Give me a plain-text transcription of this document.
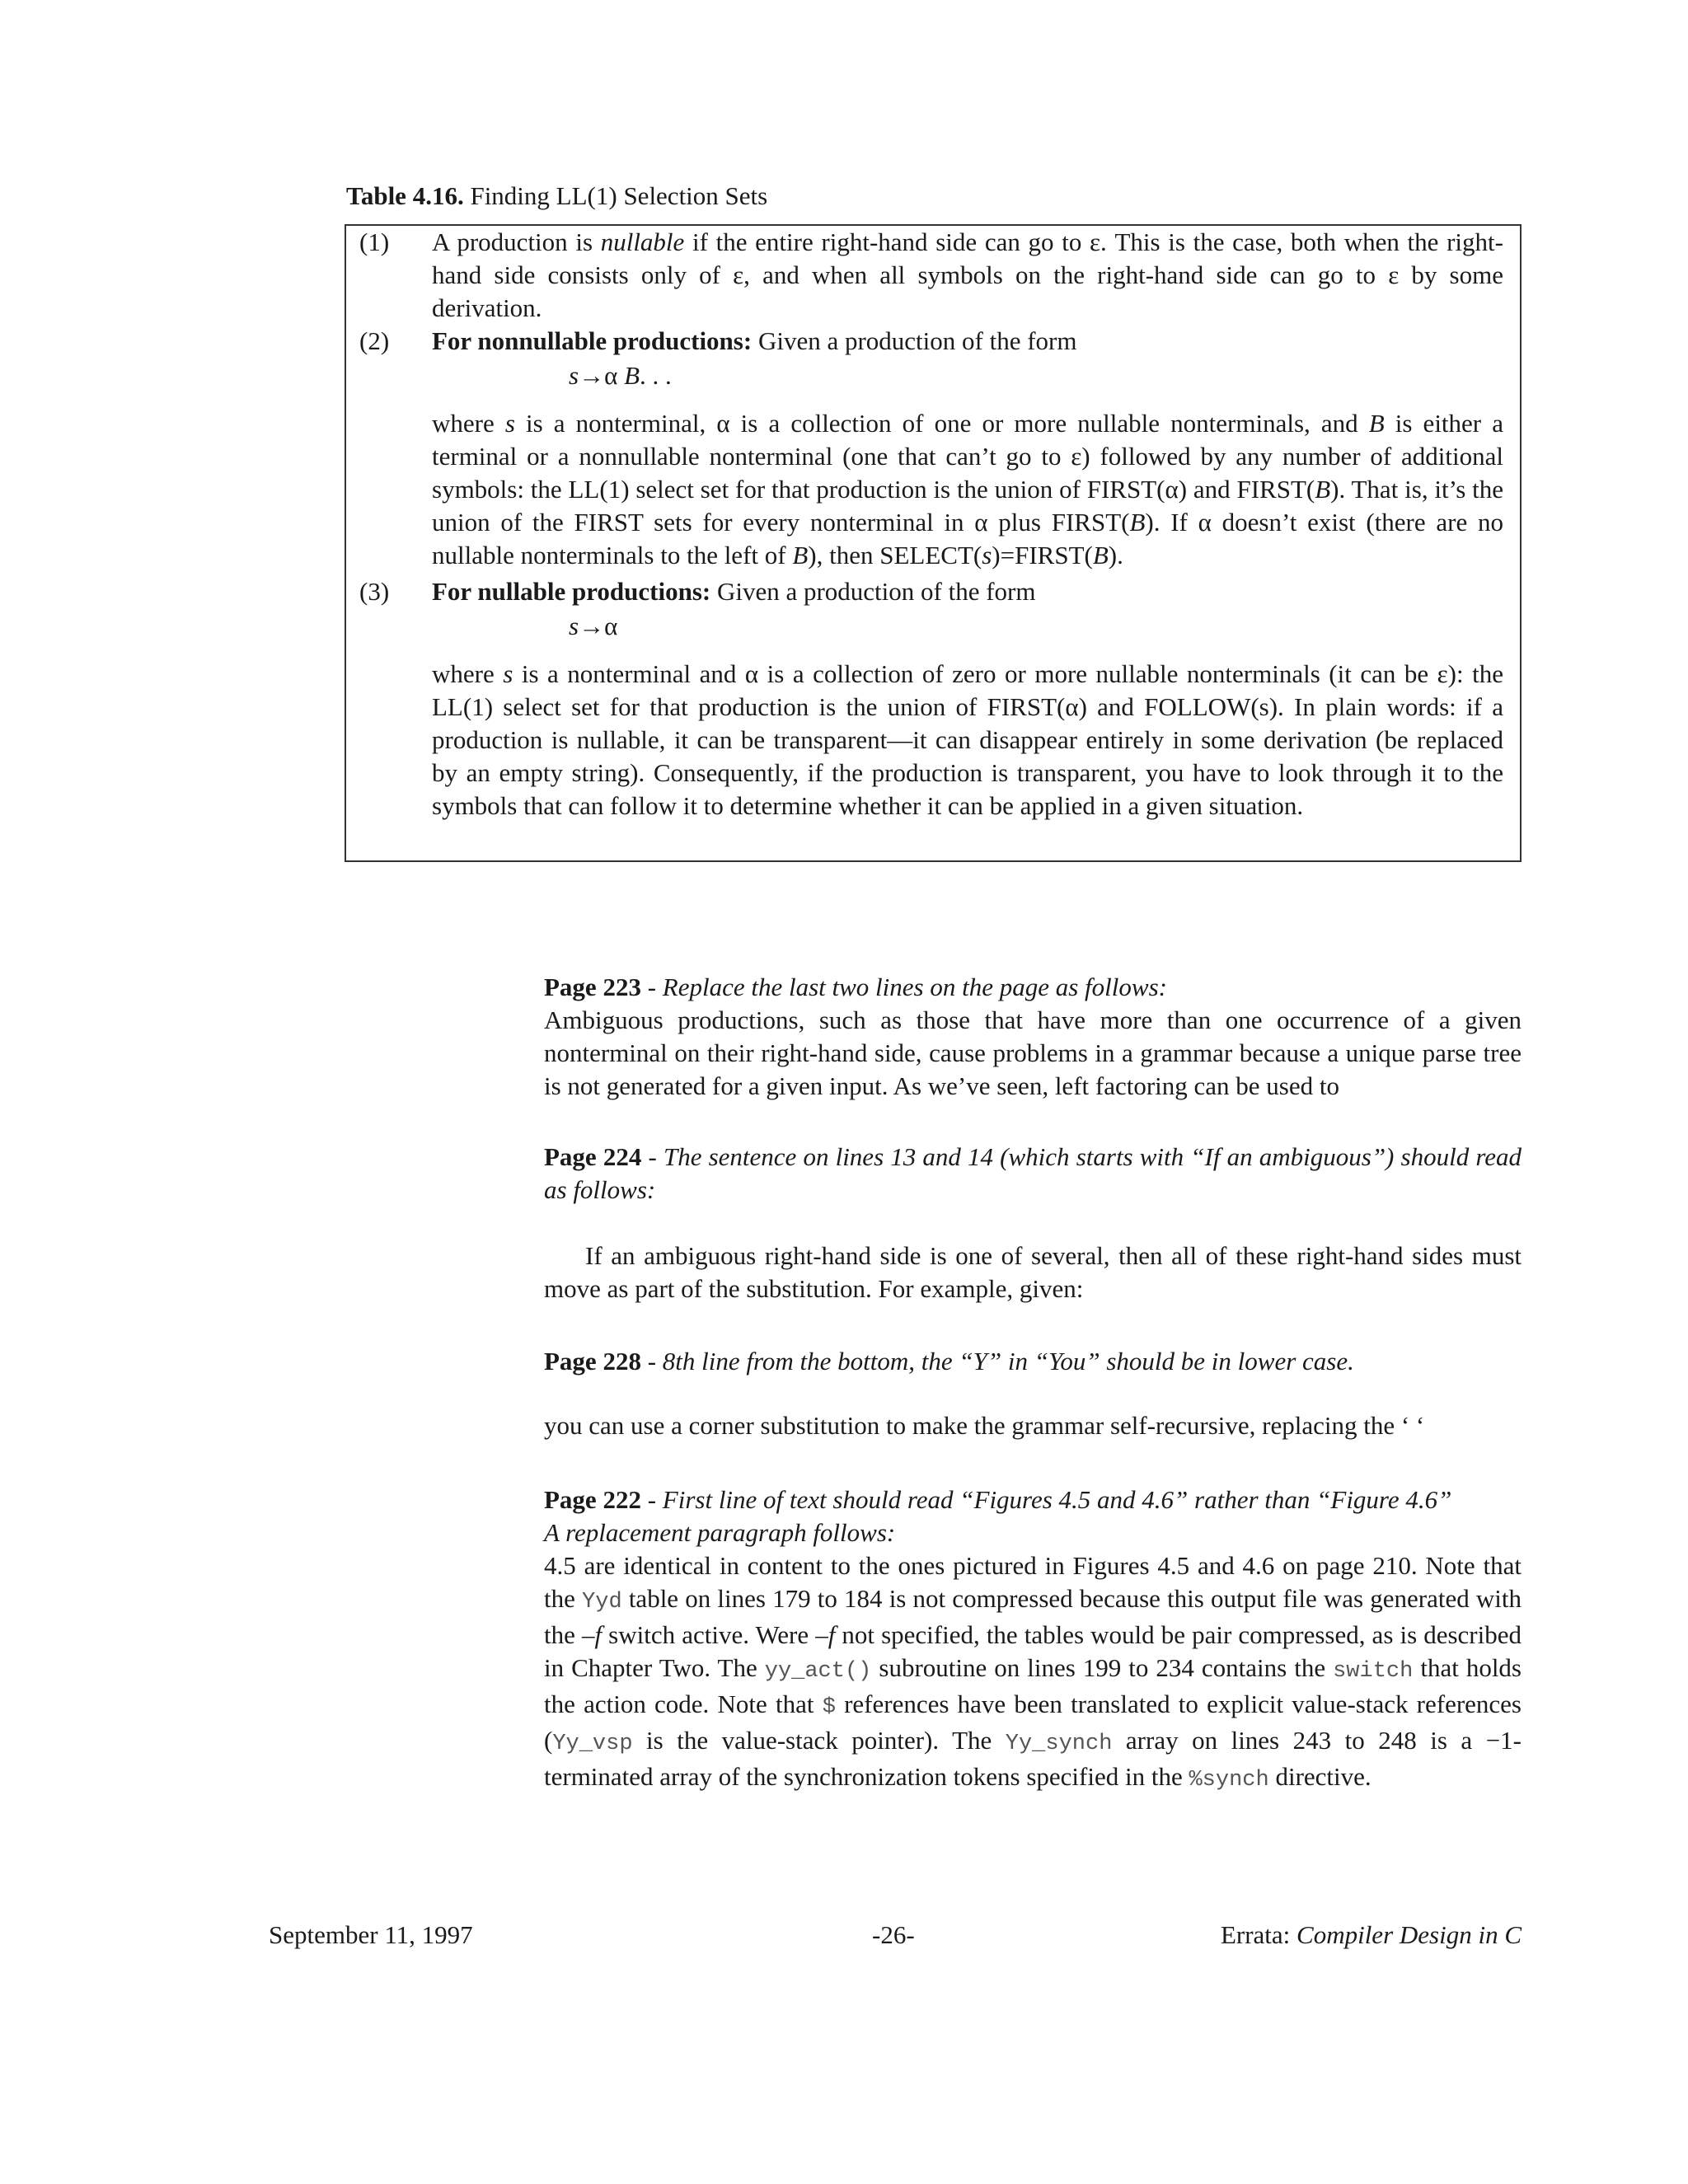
Table 4.16. Finding LL(1) Selection Sets
(1)	A production is nullable if the entire right-hand side can go to ε. This is the case, both when the right-hand side consists only of ε, and when all symbols on the right-hand side can go to ε by some derivation.

(2)	For nonnullable productions: Given a production of the form
s→α B. . .

where s is a nonterminal, α is a collection of one or more nullable nonterminals, and B is either a terminal or a nonnullable nonterminal (one that can’t go to ε) followed by any number of additional symbols: the LL(1) select set for that production is the union of FIRST(α) and FIRST(B). That is, it’s the union of the FIRST sets for every nonterminal in α plus FIRST(B). If α doesn’t exist (there are no nullable nonterminals to the left of B), then SELECT(s)=FIRST(B).

(3)	For nullable productions: Given a production of the form
s→α

where s is a nonterminal and α is a collection of zero or more nullable nonterminals (it can be ε): the LL(1) select set for that production is the union of FIRST(α) and FOLLOW(s). In plain words: if a production is nullable, it can be transparent—it can disappear entirely in some derivation (be replaced by an empty string). Consequently, if the production is transparent, you have to look through it to the symbols that can follow it to determine whether it can be applied in a given situation.

Page 223 - Replace the last two lines on the page as follows:

Ambiguous productions, such as those that have more than one occurrence of a given nonterminal on their right-hand side, cause problems in a grammar because a unique parse tree is not generated for a given input. As we’ve seen, left factoring can be used to

Page 224 - The sentence on lines 13 and 14 (which starts with “If an ambiguous”) should read as follows:

If an ambiguous right-hand side is one of several, then all of these right-hand sides must move as part of the substitution. For example, given:

Page 228 - 8th line from the bottom, the “Y” in “You” should be in lower case.

you can use a corner substitution to make the grammar self-recursive, replacing the ‘ ‘

Page 222 - First line of text should read “Figures 4.5 and 4.6” rather than “Figure 4.6”

A replacement paragraph follows:

4.5 are identical in content to the ones pictured in Figures 4.5 and 4.6 on page 210. Note that the Yyd table on lines 179 to 184 is not compressed because this output file was generated with the –f switch active. Were –f not specified, the tables would be pair compressed, as is described in Chapter Two. The yy_act() subroutine on lines 199 to 234 contains the switch that holds the action code. Note that $ references have been translated to explicit value-stack references (Yy_vsp is the value-stack pointer). The Yy_synch array on lines 243 to 248 is a −1-terminated array of the synchronization tokens specified in the %synch directive.

September 11, 1997	-26-	Errata: Compiler Design in C
